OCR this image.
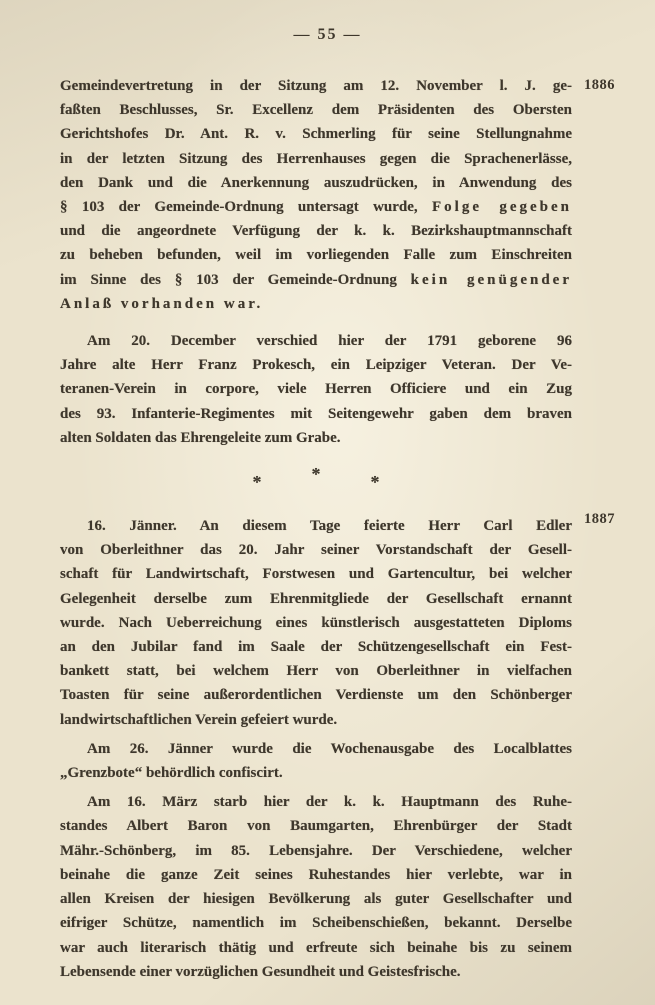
— 55 —
1886
1887
Gemeindevertretung in der Sitzung am 12. November l. J. ge-
faßten Beschlusses, Sr. Excellenz dem Präsidenten des Obersten
Gerichtshofes Dr. Ant. R. v. Schmerling für seine Stellungnahme
in der letzten Sitzung des Herrenhauses gegen die Sprachenerlässe,
den Dank und die Anerkennung auszudrücken, in Anwendung des
§ 103 der Gemeinde-Ordnung untersagt wurde, Folge gegeben
und die angeordnete Verfügung der k. k. Bezirkshauptmannschaft
zu beheben befunden, weil im vorliegenden Falle zum Einschreiten
im Sinne des § 103 der Gemeinde-Ordnung kein genügender
Anlaß vorhanden war.
Am 20. December verschied hier der 1791 geborene 96
Jahre alte Herr Franz Prokesch, ein Leipziger Veteran. Der Ve-
teranen-Verein in corpore, viele Herren Officiere und ein Zug
des 93. Infanterie-Regimentes mit Seitengewehr gaben dem braven
alten Soldaten das Ehrengeleite zum Grabe.
*	*	*
16. Jänner. An diesem Tage feierte Herr Carl Edler
von Oberleithner das 20. Jahr seiner Vorstandschaft der Gesell-
schaft für Landwirtschaft, Forstwesen und Gartencultur, bei welcher
Gelegenheit derselbe zum Ehrenmitgliede der Gesellschaft ernannt
wurde. Nach Ueberreichung eines künstlerisch ausgestatteten Diploms
an den Jubilar fand im Saale der Schützengesellschaft ein Fest-
bankett statt, bei welchem Herr von Oberleithner in vielfachen
Toasten für seine außerordentlichen Verdienste um den Schönberger
landwirtschaftlichen Verein gefeiert wurde.
Am 26. Jänner wurde die Wochenausgabe des Localblattes
„Grenzbote“ behördlich confiscirt.
Am 16. März starb hier der k. k. Hauptmann des Ruhe-
standes Albert Baron von Baumgarten, Ehrenbürger der Stadt
Mähr.-Schönberg, im 85. Lebensjahre. Der Verschiedene, welcher
beinahe die ganze Zeit seines Ruhestandes hier verlebte, war in
allen Kreisen der hiesigen Bevölkerung als guter Gesellschafter und
eifriger Schütze, namentlich im Scheibenschießen, bekannt. Derselbe
war auch literarisch thätig und erfreute sich beinahe bis zu seinem
Lebensende einer vorzüglichen Gesundheit und Geistesfrische.
